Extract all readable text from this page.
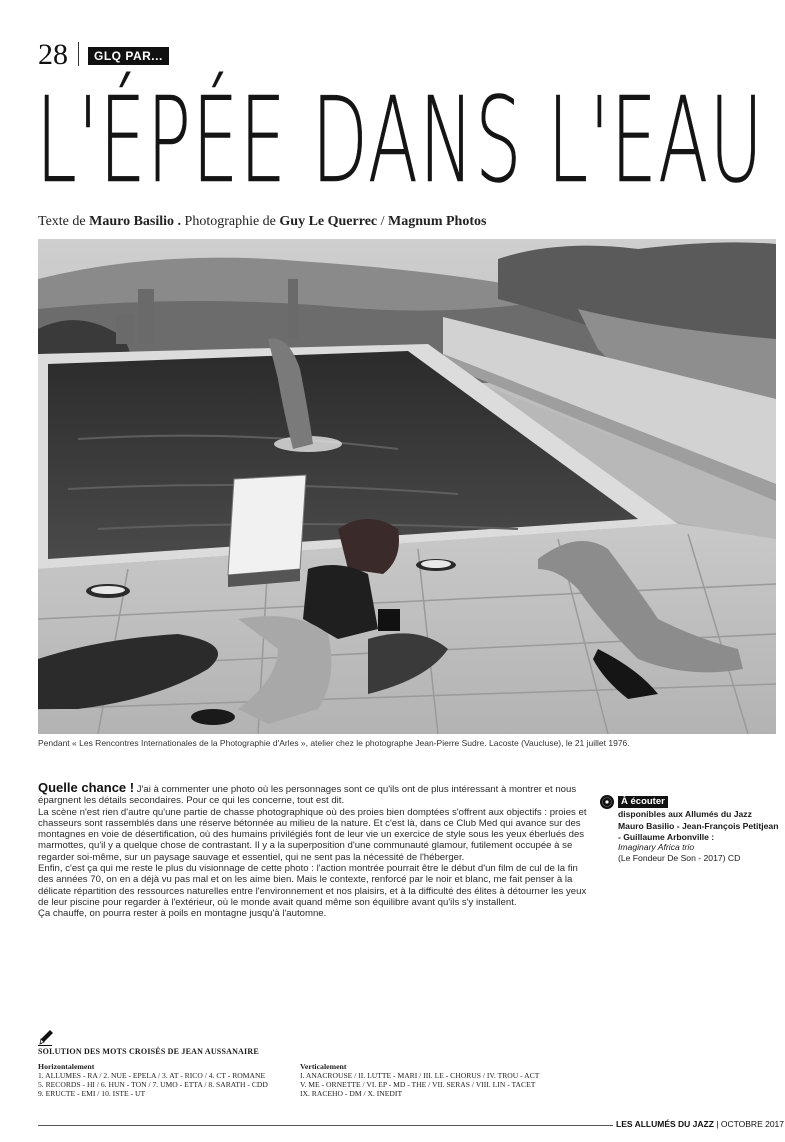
28	GLQ PAR...
L'ÉPÉE DANS L'EAU
Texte de Mauro Basilio . Photographie de Guy Le Querrec / Magnum Photos
Pendant « Les Rencontres Internationales de la Photographie d'Arles », atelier chez le photographe Jean-Pierre Sudre. Lacoste (Vaucluse), le 21 juillet 1976.

Quelle chance ! J'ai à commenter une photo où les personnages sont ce qu'ils ont de plus intéressant à montrer et nous épargnent les détails secondaires. Pour ce qui les concerne, tout est dit.

La scène n'est rien d'autre qu'une partie de chasse photographique où des proies bien domptées s'offrent aux objectifs : proies et chasseurs sont rassemblés dans une réserve bétonnée au milieu de la nature. Et c'est là, dans ce Club Med qui avance sur des montagnes en voie de désertification, où des humains privilégiés font de leur vie un exercice de style sous les yeux éberlués des marmottes, qu'il y a quelque chose de contrastant. Il y a la superposition d'une communauté glamour, futilement occupée à se regarder soi-même, sur un paysage sauvage et essentiel, qui ne sent pas la nécessité de l'héberger.

Enfin, c'est ça qui me reste le plus du visionnage de cette photo : l'action montrée pourrait être le début d'un film de cul de la fin des années 70, on en a déjà vu pas mal et on les aime bien. Mais le contexte, renforcé par le noir et blanc, me fait penser à la délicate répartition des ressources naturelles entre l'environnement et nos plaisirs, et à la difficulté des élites à détourner les yeux de leur piscine pour regarder à l'extérieur, où le monde avait quand même son équilibre avant qu'ils s'y installent.

Ça chauffe, on pourra rester à poils en montagne jusqu'à l'automne.

À écouter
disponibles aux Allumés du Jazz
Mauro Basilio - Jean-François Petitjean - Guillaume Arbonville :
Imaginary Africa trio
(Le Fondeur De Son - 2017) CD
SOLUTION DES MOTS CROISÉS DE JEAN AUSSANAIRE
Horizontalement
1. ALLUMES - RA / 2. NUE - EPELA / 3. AT - RICO / 4. CT - ROMANE
5. RECORDS - HI / 6. HUN - TON / 7. UMO - ETTA / 8. SARATH - CDD
9. ERUCTE - EMI / 10. ISTE - UT
Verticalement
I. ANACROUSE / II. LUTTE - MARI / III. LE - CHORUS / IV. TROU - ACT
V. ME - ORNETTE / VI. EP - MD - THE / VII. SERAS / VIII. LIN - TACET
IX. RACEHO - DM / X. INEDIT
LES ALLUMÉS DU JAZZ | OCTOBRE 2017
